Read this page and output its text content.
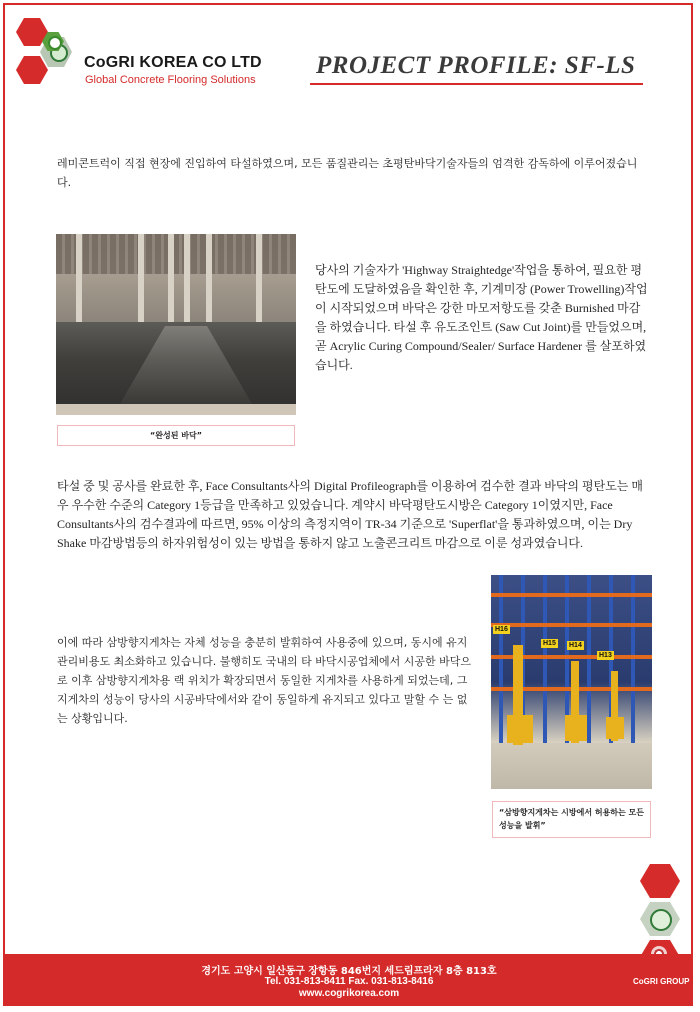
CoGRI KOREA CO LTD
Global Concrete Flooring Solutions
PROJECT PROFILE: SF-LS
레미콘트럭이 직접 현장에 진입하여 타설하였으며, 모든 품질관리는 초평탄바닥기술자들의 엄격한 감독하에 이루어졌습니다.
“완성된 바닥”
당사의 기술자가 'Highway Straightedge'작업을 통하여, 필요한 평탄도에 도달하였음을 확인한 후, 기계미장 (Power Trowelling)작업이 시작되었으며 바닥은 강한 마모저항도를 갖춘 Burnished 마감을 하였습니다. 타설 후 유도조인트 (Saw Cut Joint)를 만들었으며, 곧 Acrylic Curing Compound/Sealer/ Surface Hardener 를 살포하였습니다.
타설 중 및 공사를 완료한 후, Face Consultants사의 Digital Profileograph를 이용하여 검수한 결과 바닥의 평탄도는 매우 우수한 수준의 Category 1등급을 만족하고 있었습니다. 계약시 바닥평탄도시방은 Category 1이였지만, Face Consultants사의 검수결과에 따르면, 95% 이상의 측정지역이 TR-34 기준으로 'Superflat'을 통과하였으며, 이는 Dry Shake 마감방법등의 하자위험성이 있는 방법을 통하지 않고 노출콘크리트 마감으로 이룬 성과였습니다.
이에 따라 삼방향지게차는 자체 성능을 충분히 발휘하여 사용중에 있으며, 동시에 유지관리비용도 최소화하고 있습니다. 불행히도 국내의 타 바닥시공업체에서 시공한 바닥으로 이후 삼방향지게차용 랙 위치가 확장되면서 동일한 지게차를 사용하게 되었는데, 그 지게차의 성능이 당사의 시공바닥에서와 같이 동일하게 유지되고 있다고 말할 수 는 없는 상황입니다.
H16
H15 H14
H13
“삼방향지게차는 시방에서 허용하는 모든 성능을 발휘”
경기도 고양시 일산동구 장항동 846번지 세드림프라자 8층 813호
Tel. 031-813-8411 Fax. 031-813-8416
www.cogrikorea.com
CoGRI GROUP
